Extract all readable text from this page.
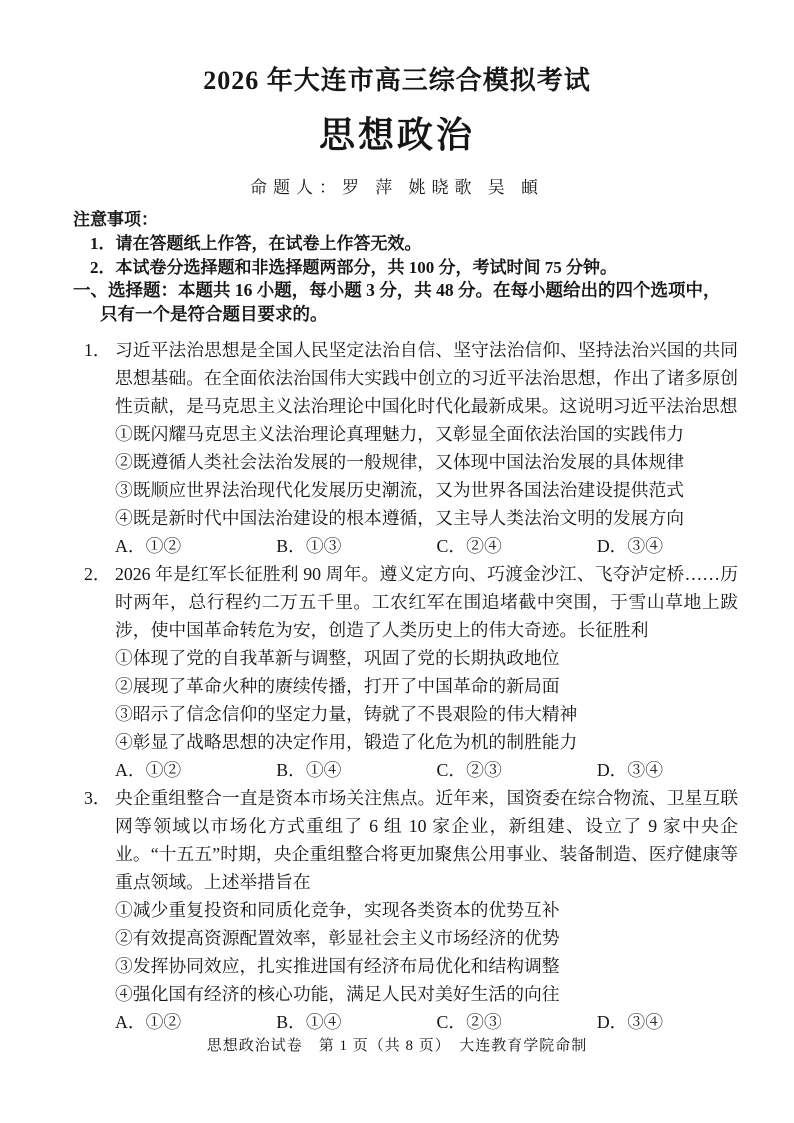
2026 年大连市高三综合模拟考试
思想政治
命题人：罗 萍 姚晓歌 吴 頔
注意事项：
1．请在答题纸上作答，在试卷上作答无效。
2．本试卷分选择题和非选择题两部分，共 100 分，考试时间 75 分钟。
一、选择题：本题共 16 小题，每小题 3 分，共 48 分。在每小题给出的四个选项中，
只有一个是符合题目要求的。
1． 习近平法治思想是全国人民坚定法治自信、坚守法治信仰、坚持法治兴国的共同思想基础。在全面依法治国伟大实践中创立的习近平法治思想，作出了诸多原创性贡献，是马克思主义法治理论中国化时代化最新成果。这说明习近平法治思想

①既闪耀马克思主义法治理论真理魅力，又彰显全面依法治国的实践伟力
②既遵循人类社会法治发展的一般规律，又体现中国法治发展的具体规律
③既顺应世界法治现代化发展历史潮流，又为世界各国法治建设提供范式
④既是新时代中国法治建设的根本遵循，又主导人类法治文明的发展方向
A．①②	B．①③	C．②④	D．③④
2． 2026 年是红军长征胜利 90 周年。遵义定方向、巧渡金沙江、飞夺泸定桥……历时两年，总行程约二万五千里。工农红军在围追堵截中突围，于雪山草地上跋涉，使中国革命转危为安，创造了人类历史上的伟大奇迹。长征胜利

①体现了党的自我革新与调整，巩固了党的长期执政地位
②展现了革命火种的赓续传播，打开了中国革命的新局面
③昭示了信念信仰的坚定力量，铸就了不畏艰险的伟大精神
④彰显了战略思想的决定作用，锻造了化危为机的制胜能力
A．①②	B．①④	C．②③	D．③④
3． 央企重组整合一直是资本市场关注焦点。近年来，国资委在综合物流、卫星互联网等领域以市场化方式重组了 6 组 10 家企业，新组建、设立了 9 家中央企业。“十五五”时期，央企重组整合将更加聚焦公用事业、装备制造、医疗健康等重点领域。上述举措旨在

①减少重复投资和同质化竞争，实现各类资本的优势互补
②有效提高资源配置效率，彰显社会主义市场经济的优势
③发挥协同效应，扎实推进国有经济布局优化和结构调整
④强化国有经济的核心功能，满足人民对美好生活的向往
A．①②	B．①④	C．②③	D．③④
思想政治试卷　第 1 页（共 8 页）　大连教育学院命制
